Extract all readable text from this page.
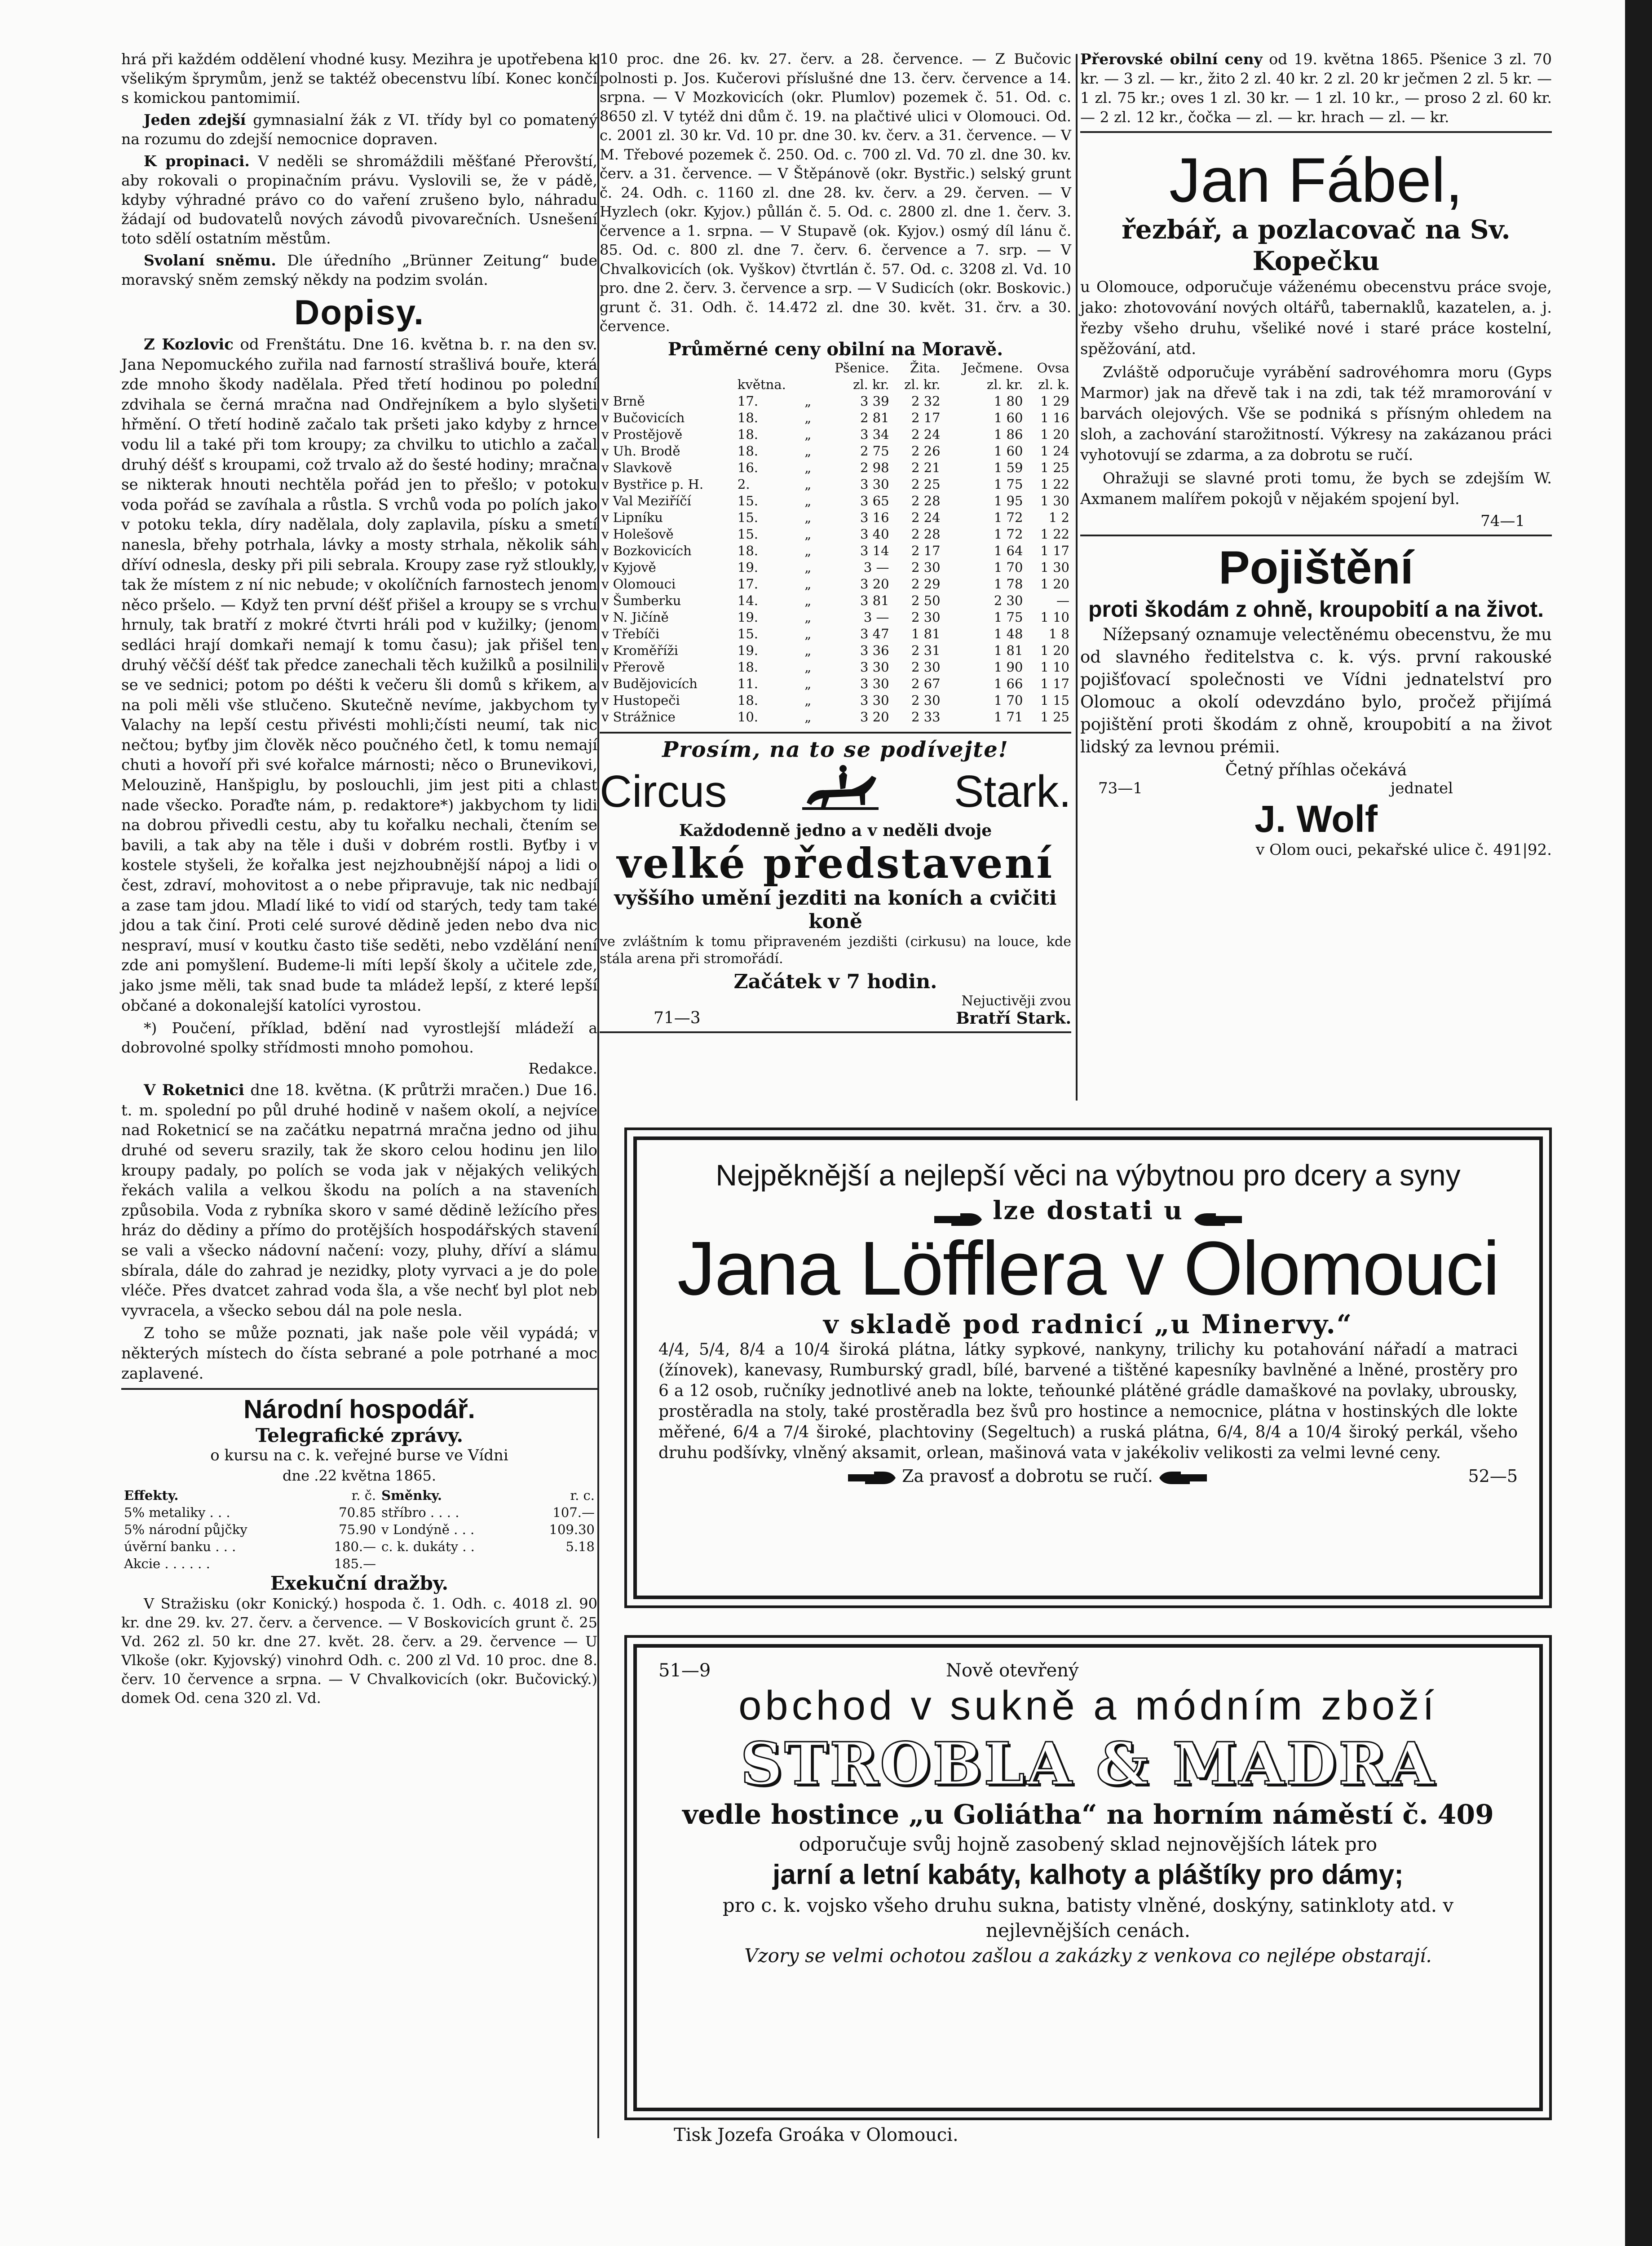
hrá při každém oddělení vhodné kusy. Mezihra je upotřebena k všelikým šprymům, jenž se taktéž obecenstvu líbí. Konec končí s komickou pantomimií.

Jeden zdejší gymnasialní žák z VI. třídy byl co pomatený na rozumu do zdejší nemocnice dopraven.

K propinaci. V neděli se shromáždili měšťané Přerovští, aby rokovali o propinačním právu. Vyslovili se, že v pádě, kdyby výhradné právo co do vaření zrušeno bylo, náhradu žádají od budovatelů nových závodů pivovarečních. Usnešení toto sdělí ostatním městům.

Svolaní sněmu. Dle úředního „Brünner Zeitung“ bude moravský sněm zemský někdy na podzim svolán.

Dopisy.

Z Kozlovic od Frenštátu. Dne 16. května b. r. na den sv. Jana Nepomuckého zuřila nad farností strašlivá bouře, která zde mnoho škody nadělala. Před třetí hodinou po polední zdvihala se černá mračna nad Ondřejníkem a bylo slyšeti hřmění. O třetí hodině začalo tak pršeti jako kdyby z hrnce vodu lil a také při tom kroupy; za chvilku to utichlo a začal druhý déšť s kroupami, což trvalo až do šesté hodiny; mračna se nikterak hnouti nechtěla pořád jen to přešlo; v potoku voda pořád se zavíhala a růstla. S vrchů voda po polích jako v potoku tekla, díry nadělala, doly zaplavila, písku a smetí nanesla, břehy potrhala, lávky a mosty strhala, několik sáh dříví odnesla, desky při pili sebrala. Kroupy zase ryž stloukly, tak že místem z ní nic nebude; v okolíčních farnostech jenom něco pršelo. — Když ten první déšť přišel a kroupy se s vrchu hrnuly, tak bratří z mokré čtvrti hráli pod v kužilky; (jenom sedláci hrají domkaři nemají k tomu času); jak přišel ten druhý věčší déšť tak předce zanechali těch kužilků a posilnili se ve sednici; potom po déšti k večeru šli domů s křikem, a na poli měli vše stlučeno. Skutečně nevíme, jakbychom ty Valachy na lepší cestu přivésti mohli;čísti neumí, tak nic nečtou; byťby jim člověk něco poučného četl, k tomu nemají chuti a hovoří při své kořalce márnosti; něco o Brunevikovi, Melouzině, Hanšpiglu, by poslouchli, jim jest piti a chlast nade všecko. Poraďte nám, p. redaktore*) jakbychom ty lidi na dobrou přivedli cestu, aby tu kořalku nechali, čtením se bavili, a tak aby na těle i duši v dobrém rostli. Byťby i v kostele styšeli, že kořalka jest nejzhoubnější nápoj a lidi o čest, zdraví, mohovitost a o nebe připravuje, tak nic nedbají a zase tam jdou. Mladí liké to vidí od starých, tedy tam také jdou a tak činí. Proti celé surové dědině jeden nebo dva nic nespraví, musí v koutku často tiše seděti, nebo vzdělání není zde ani pomyšlení. Budeme-li míti lepší školy a učitele zde, jako jsme měli, tak snad bude ta mládež lepší, z které lepší občané a dokonalejší katolíci vyrostou.

*) Poučení, příklad, bdění nad vyrostlejší mládeží a dobrovolné spolky střídmosti mnoho pomohou.

Redakce.

V Roketnici dne 18. května. (K průtrži mračen.) Due 16. t. m. spolední po půl druhé hodině v našem okolí, a nejvíce nad Roketnicí se na začátku nepatrná mračna jedno od jihu druhé od severu srazily, tak že skoro celou hodinu jen lilo kroupy padaly, po polích se voda jak v nějakých velikých řekách valila a velkou škodu na polích a na staveních způsobila. Voda z rybníka skoro v samé dědině ležícího přes hráz do dědiny a přímo do protějších hospodářských stavení se vali a všecko nádovní načení: vozy, pluhy, dříví a slámu sbírala, dále do zahrad je nezidky, ploty vyrvaci a je do pole vléče. Přes dvatcet zahrad voda šla, a vše nechť byl plot neb vyvracela, a všecko sebou dál na pole nesla.

Z toho se může poznati, jak naše pole věil vypádá; v některých místech do čísta sebrané a pole potrhané a moc zaplavené.

Národní hospodář.
Telegrafické zprávy.

o kursu na c. k. veřejné burse ve Vídni

dne .22 května 1865.

Effekty.	r. č.	Směnky.	r. c.
5% metaliky . . .	70.85	stříbro . . . .	107.—
5% národní půjčky	75.90	v Londýně . . .	109.30
úvěrní banku . . .	180.—	c. k. dukáty . .	5.18
Akcie . . . . . .	185.—		
Exekuční dražby.

V Stražisku (okr Konický.) hospoda č. 1. Odh. c. 4018 zl. 90 kr. dne 29. kv. 27. červ. a července. — V Boskovicích grunt č. 25 Vd. 262 zl. 50 kr. dne 27. květ. 28. červ. a 29. července — U Vlkoše (okr. Kyjovský) vinohrd Odh. c. 200 zl Vd. 10 proc. dne 8. červ. 10 července a srpna. — V Chvalkovicích (okr. Bučovický.) domek Od. cena 320 zl. Vd.

10 proc. dne 26. kv. 27. červ. a 28. července. — Z Bučovic polnosti p. Jos. Kučerovi příslušné dne 13. červ. července a 14. srpna. — V Mozkovicích (okr. Plumlov) pozemek č. 51. Od. c. 8650 zl. V tytéž dni dům č. 19. na plačtivé ulici v Olomouci. Od. c. 2001 zl. 30 kr. Vd. 10 pr. dne 30. kv. červ. a 31. července. — V M. Třebové pozemek č. 250. Od. c. 700 zl. Vd. 70 zl. dne 30. kv. červ. a 31. července. — V Štěpánově (okr. Bystřic.) selský grunt č. 24. Odh. c. 1160 zl. dne 28. kv. červ. a 29. červen. — V Hyzlech (okr. Kyjov.) půllán č. 5. Od. c. 2800 zl. dne 1. červ. 3. července a 1. srpna. — V Stupavě (ok. Kyjov.) osmý díl lánu č. 85. Od. c. 800 zl. dne 7. červ. 6. července a 7. srp. — V Chvalkovicích (ok. Vyškov) čtvrtlán č. 57. Od. c. 3208 zl. Vd. 10 pro. dne 2. červ. 3. července a srp. — V Sudicích (okr. Boskovic.) grunt č. 31. Odh. č. 14.472 zl. dne 30. květ. 31. črv. a 30. července.

Průměrné ceny obilní na Moravě.
			Pšenice.	Žita.	Ječmene.	Ovsa
	května.		zl. kr.	zl. kr.	zl. kr.	zl. k.
v Brně	17.	„	3 39	2 32	1 80	1 29
v Bučovicích	18.	„	2 81	2 17	1 60	1 16
v Prostějově	18.	„	3 34	2 24	1 86	1 20
v Uh. Brodě	18.	„	2 75	2 26	1 60	1 24
v Slavkově	16.	„	2 98	2 21	1 59	1 25
v Bystřice p. H.	2.	„	3 30	2 25	1 75	1 22
v Val Meziříčí	15.	„	3 65	2 28	1 95	1 30
v Lipníku	15.	„	3 16	2 24	1 72	1 2
v Holešově	15.	„	3 40	2 28	1 72	1 22
v Bozkovicích	18.	„	3 14	2 17	1 64	1 17
v Kyjově	19.	„	3 —	2 30	1 70	1 30
v Olomouci	17.	„	3 20	2 29	1 78	1 20
v Šumberku	14.	„	3 81	2 50	2 30	—
v N. Jičíně	19.	„	3 —	2 30	1 75	1 10
v Třebíči	15.	„	3 47	1 81	1 48	1 8
v Kroměříži	19.	„	3 36	2 31	1 81	1 20
v Přerově	18.	„	3 30	2 30	1 90	1 10
v Budějovicích	11.	„	3 30	2 67	1 66	1 17
v Hustopeči	18.	„	3 30	2 30	1 70	1 15
v Strážnice	10.	„	3 20	2 33	1 71	1 25
Prosím, na to se podívejte!
Circus	Stark.
Každodenně jedno a v neděli dvoje
velké představení
vyššího umění jezditi na koních a cvičiti koně

ve zvláštním k tomu připraveném jezdišti (cirkusu) na louce, kde stála arena při stromořádí.

Začátek v 7 hodin.
Nejuctivěji zvou
71—3	Bratří Stark.

Přerovské obilní ceny od 19. května 1865. Pšenice 3 zl. 70 kr. — 3 zl. — kr., žito 2 zl. 40 kr. 2 zl. 20 kr ječmen 2 zl. 5 kr. — 1 zl. 75 kr.; oves 1 zl. 30 kr. — 1 zl. 10 kr., — proso 2 zl. 60 kr. — 2 zl. 12 kr., čočka — zl. — kr. hrach — zl. — kr.

Jan Fábel,
řezbář, a pozlacovač na Sv. Kopečku

u Olomouce, odporučuje váženému obecenstvu práce svoje, jako: zhotovování nových oltářů, tabernaklů, kazatelen, a. j. řezby všeho druhu, všeliké nové i staré práce kostelní, spěžování, atd.

Zvláště odporučuje vyrábění sadrovéhomra moru (Gyps Marmor) jak na dřevě tak i na zdi, tak též mramorování v barvách olejových. Vše se podniká s přísným ohledem na sloh, a zachování starožitností. Výkresy na zakázanou práci vyhotovují se zdarma, a za dobrotu se ručí.

Ohražuji se slavné proti tomu, že bych se zdejším W. Axmanem malířem pokojů v nějakém spojení byl.

74—1
Pojištění
proti škodám z ohně, kroupobití a na život.

Nížepsaný oznamuje velectěnému obecenstvu, že mu od slavného ředitelstva c. k. výs. první rakouské pojišťovací společnosti ve Vídni jednatelství pro Olomouc a okolí odevzdáno bylo, pročež přijímá pojištění proti škodám z ohně, kroupobití a na život lidský za levnou prémii.

Četný příhlas očekává
73—1	jednatel
J. Wolf
v Olom ouci, pekařské ulice č. 491|92.
Nejpěknější a nejlepší věci na výbytnou pro dcery a syny
lze dostati u
Jana Löfflera v Olomouci
v skladě pod radnicí „u Minervy.“

4/4, 5/4, 8/4 a 10/4 široká plátna, látky sypkové, nankyny, trilichy ku potahování nářadí a matraci (žínovek), kanevasy, Rumburský gradl, bílé, barvené a tištěné kapesníky bavlněné a lněné, prostěry pro 6 a 12 osob, ručníky jednotlivé aneb na lokte, teňounké plátěné grádle damaškové na povlaky, ubrousky, prostěradla na stoly, také prostěradla bez švů pro hostince a nemocnice, plátna v hostinských dle lokte měřené, 6/4 a 7/4 široké, plachtoviny (Segeltuch) a ruská plátna, 6/4, 8/4 a 10/4 široký perkál, všeho druhu podšívky, vlněný aksamit, orlean, mašinová vata v jakékoliv velikosti za velmi levné ceny.

Za pravosť a dobrotu se ručí.	52—5
51—9	Nově otevřený
obchod v sukně a módním zboží
STROBLA & MADRA
vedle hostince „u Goliátha“ na horním náměstí č. 409
odporučuje svůj hojně zasobený sklad nejnovějších látek pro
jarní a letní kabáty, kalhoty a pláštíky pro dámy;
pro c. k. vojsko všeho druhu sukna, batisty vlněné, doskýny, satinkloty atd. v nejlevnějších cenách.
Vzory se velmi ochotou zašlou a zakázky z venkova co nejlépe obstarají.
Tisk Jozefa Groáka v Olomouci.
